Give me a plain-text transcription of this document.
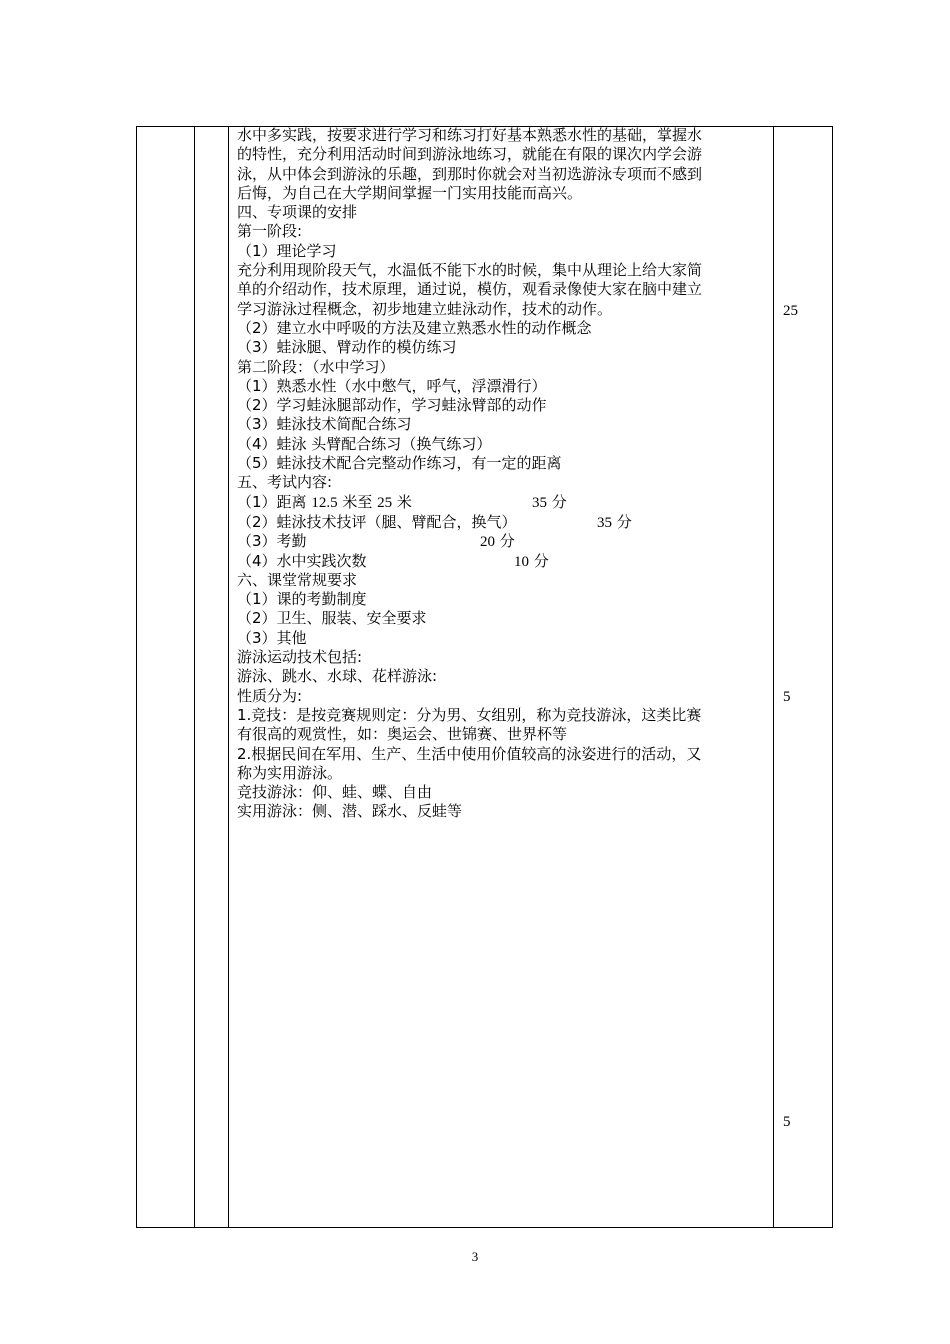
水中多实践，按要求进行学习和练习打好基本熟悉水性的基础，掌握水
的特性，充分利用活动时间到游泳地练习，就能在有限的课次内学会游
泳，从中体会到游泳的乐趣，到那时你就会对当初选游泳专项而不感到
后悔，为自己在大学期间掌握一门实用技能而高兴。
四、专项课的安排
第一阶段:
（1）理论学习
充分利用现阶段天气，水温低不能下水的时候，集中从理论上给大家简
单的介绍动作，技术原理，通过说，模仿，观看录像使大家在脑中建立
学习游泳过程概念，初步地建立蛙泳动作，技术的动作。
（2）建立水中呼吸的方法及建立熟悉水性的动作概念
（3）蛙泳腿、臂动作的模仿练习
第二阶段：（水中学习）
（1）熟悉水性（水中憋气，呼气，浮漂滑行）
（2）学习蛙泳腿部动作，学习蛙泳臂部的动作
（3）蛙泳技术简配合练习
（4）蛙泳 头臂配合练习（换气练习）
（5）蛙泳技术配合完整动作练习，有一定的距离
五、考试内容:
（1）距离 12.5 米至 25 米	35 分
（2）蛙泳技术技评（腿、臂配合，换气）	35 分
（3）考勤	20 分
（4）水中实践次数	10 分
六、课堂常规要求
（1）课的考勤制度
（2）卫生、服装、安全要求
（3）其他
游泳运动技术包括:
游泳、跳水、水球、花样游泳:
性质分为:
1.竞技：是按竞赛规则定：分为男、女组别，称为竞技游泳，这类比赛
有很高的观赏性，如：奥运会、世锦赛、世界杯等
2.根据民间在军用、生产、生活中使用价值较高的泳姿进行的活动，又
称为实用游泳。
竞技游泳：仰、蛙、蝶、自由
实用游泳：侧、潜、踩水、反蛙等
25
5
5
3
